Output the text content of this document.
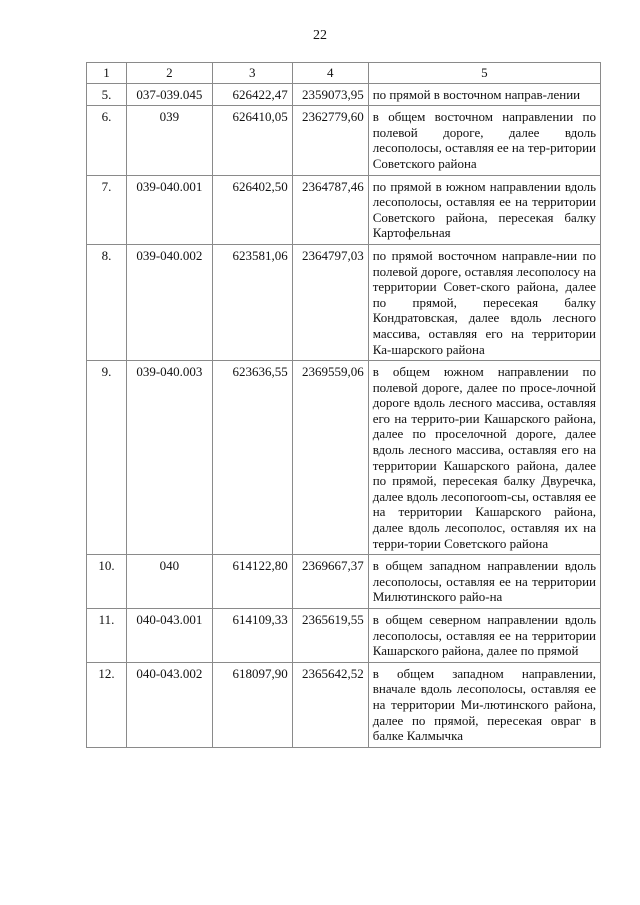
22
1	2	3	4	5
5.	037-039.045	626422,47	2359073,95	по прямой в восточном направ-лении
6.	039	626410,05	2362779,60	в общем восточном направлении по полевой дороге, далее вдоль лесополосы, оставляя ее на тер-ритории Советского района
7.	039-040.001	626402,50	2364787,46	по прямой в южном направлении вдоль лесополосы, оставляя ее на территории Советского района, пересекая балку Картофельная
8.	039-040.002	623581,06	2364797,03	по прямой восточном направле-нии по полевой дороге, оставляя лесополосу на территории Совет-ского района, далее по прямой, пересекая балку Кондратовская, далее вдоль лесного массива, оставляя его на территории Ка-шарского района
9.	039-040.003	623636,55	2369559,06	в общем южном направлении по полевой дороге, далее по просе-лочной дороге вдоль лесного массива, оставляя его на террито-рии Кашарского района, далее по проселочной дороге, далее вдоль лесного массива, оставляя его на территории Кашарского района, далее по прямой, пересекая балку Двуречка, далее вдоль лесопоroom-сы, оставляя ее на территории Кашарского района, далее вдоль лесополос, оставляя их на терри-тории Советского района
10.	040	614122,80	2369667,37	в общем западном направлении вдоль лесополосы, оставляя ее на территории Милютинского райо-на
11.	040-043.001	614109,33	2365619,55	в общем северном направлении вдоль лесополосы, оставляя ее на территории Кашарского района, далее по прямой
12.	040-043.002	618097,90	2365642,52	в общем западном направлении, вначале вдоль лесополосы, оставляя ее на территории Ми-лютинского района, далее по прямой, пересекая овраг в балке Калмычка
